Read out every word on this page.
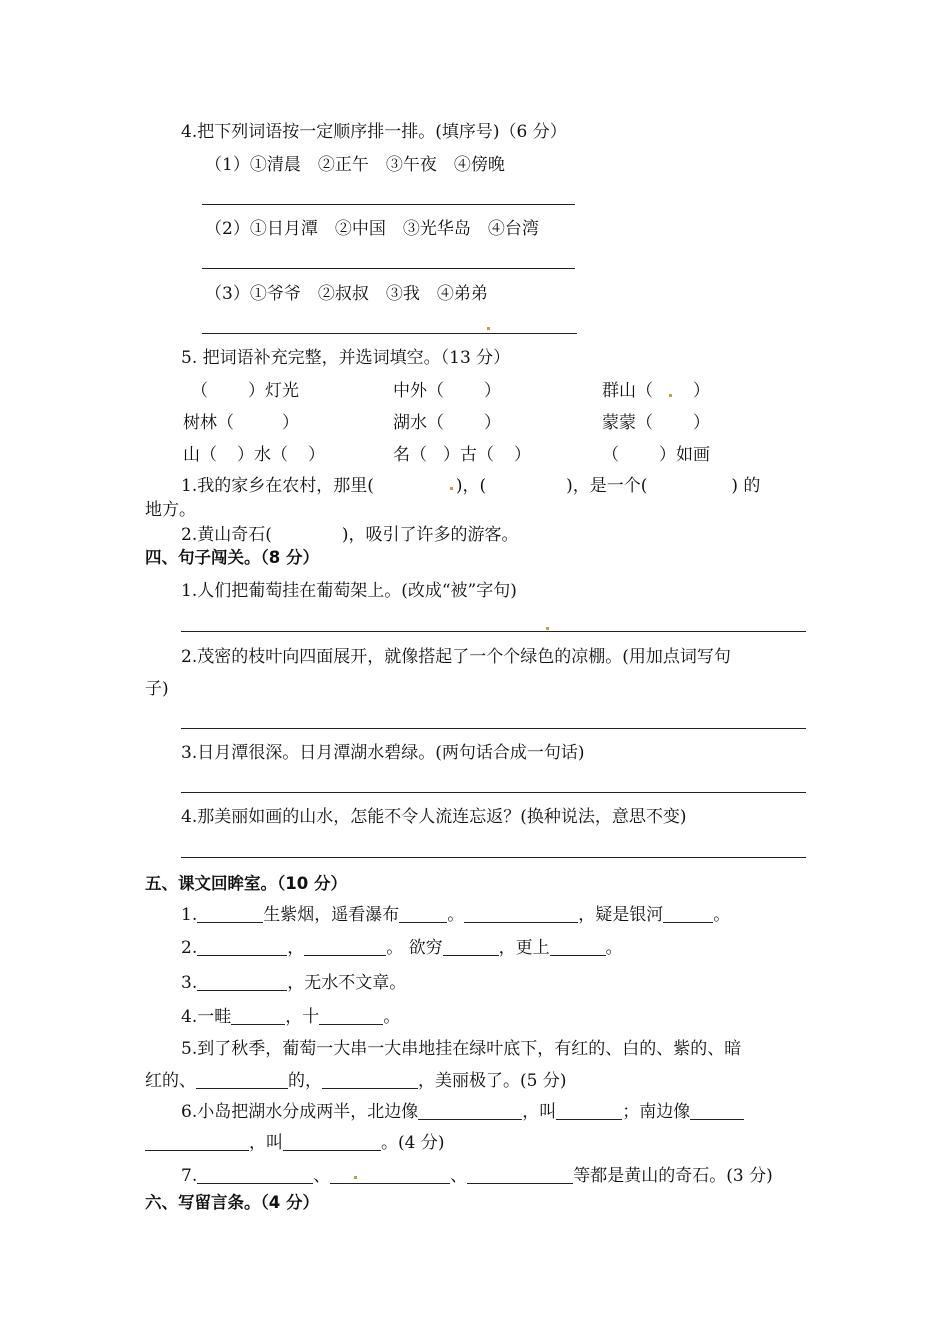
4.把下列词语按一定顺序排一排。(填序号)（6 分）
（1）①清晨　②正午　③午夜　④傍晚
（2）①日月潭　②中国　③光华岛　④台湾
（3）①爷爷　②叔叔　③我　④弟弟
5. 把词语补充完整，并选词填空。（13 分）
（ ）灯光	中外（ ）	群山（ ）
树林（	）	湖水（ ）	蒙蒙（ ）
山（ ）水（ ）	名（ ）古（ ）	（ ）如画
1.我的家乡在农村，那里(	)，(	)，是一个(	) 的
地方。
2.黄山奇石(	)，吸引了许多的游客。
四、句子闯关。（8 分）
1.人们把葡萄挂在葡萄架上。(改成“被”字句)
2.茂密的枝叶向四面展开，就像搭起了一个个绿色的凉棚。(用加点词写句
子)
3.日月潭很深。日月潭湖水碧绿。(两句话合成一句话)
4.那美丽如画的山水，怎能不令人流连忘返？(换种说法，意思不变)
五、课文回眸室。（10 分）
1.	生紫烟，遥看瀑布	。	，疑是银河	。
2.	，	。 欲穷	，更上	。
3.	，无水不文章。
4.一畦	，十	。
5.到了秋季，葡萄一大串一大串地挂在绿叶底下，有红的、白的、紫的、暗
红的、	的，	，美丽极了。(5 分)
6.小岛把湖水分成两半，北边像	，叫	；南边像
，叫	。(4 分)
7.	、	、	等都是黄山的奇石。(3 分)
六、写留言条。（4 分）
